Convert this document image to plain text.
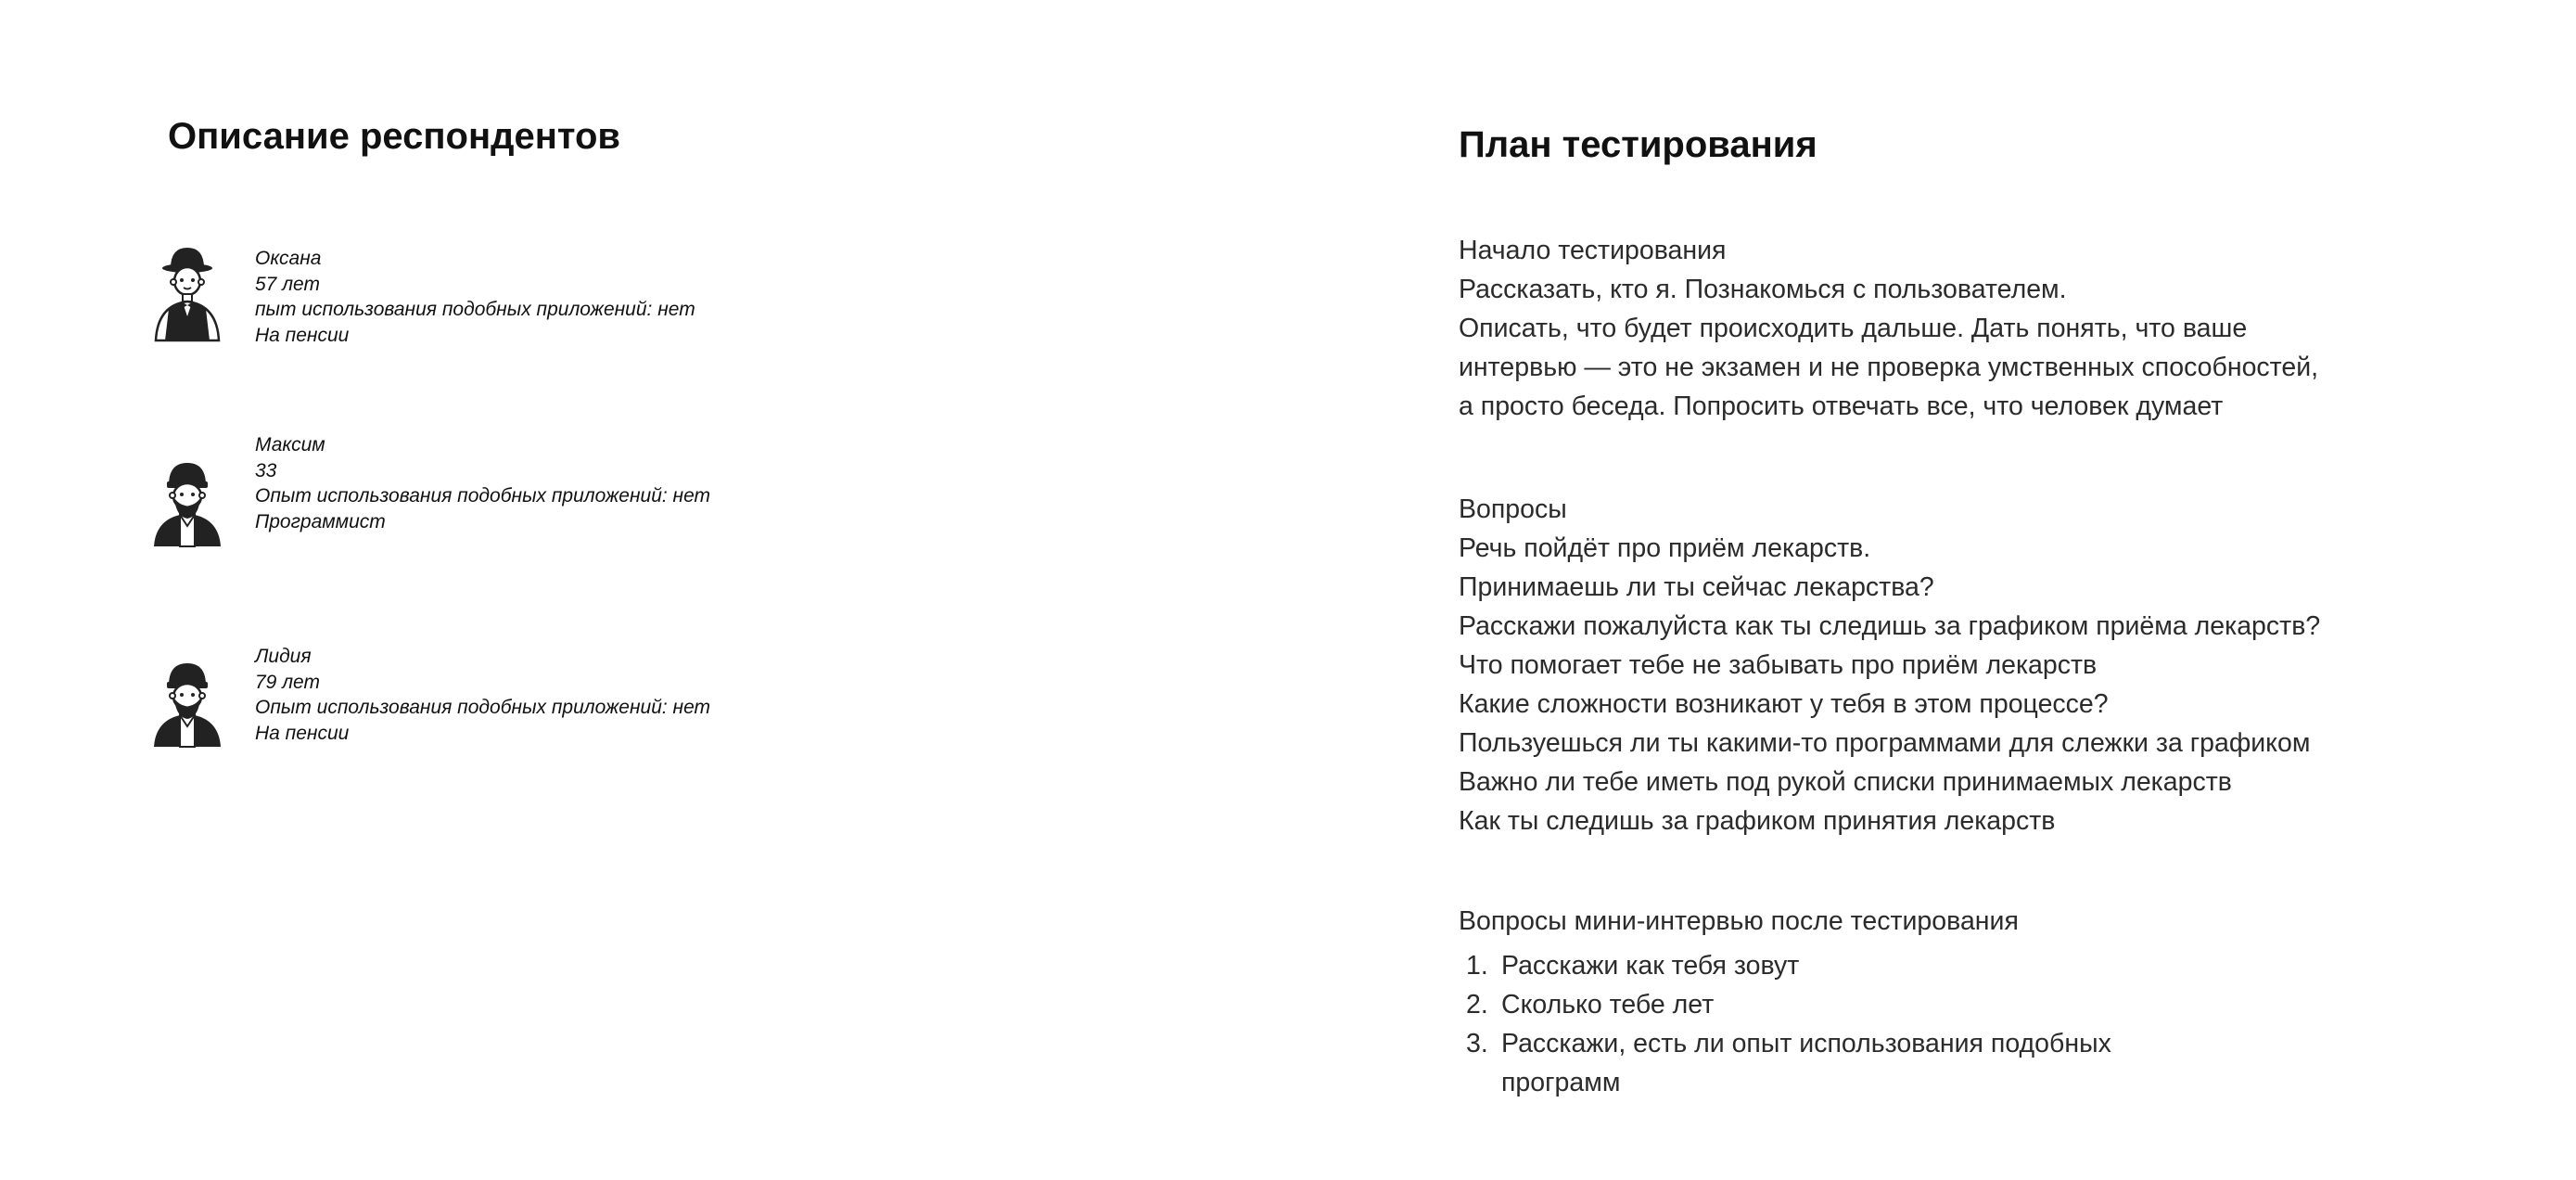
Описание респондентов
Оксана
57 лет
пыт использования подобных приложений: нет
На пенсии
Максим
33
Опыт использования подобных приложений: нет
Программист
Лидия
79 лет
Опыт использования подобных приложений: нет
На пенсии
План тестирования
Начало тестирования
Рассказать, кто я. Познакомься с пользователем.
Описать, что будет происходить дальше. Дать понять, что ваше
интервью — это не экзамен и не проверка умственных способностей,
а просто беседа. Попросить отвечать все, что человек думает
Вопросы
Речь пойдёт про приём лекарств.
Принимаешь ли ты сейчас лекарства?
Расскажи пожалуйста как ты следишь за графиком приёма лекарств?
Что помогает тебе не забывать про приём лекарств
Какие сложности возникают у тебя в этом процессе?
Пользуешься ли ты какими-то программами для слежки за графиком
Важно ли тебе иметь под рукой списки принимаемых лекарств
Как ты следишь за графиком принятия лекарств
Вопросы мини-интервью после тестирования
1. Расскажи как тебя зовут
2. Сколько тебе лет
3. Расскажи, есть ли опыт использования подобных программ
